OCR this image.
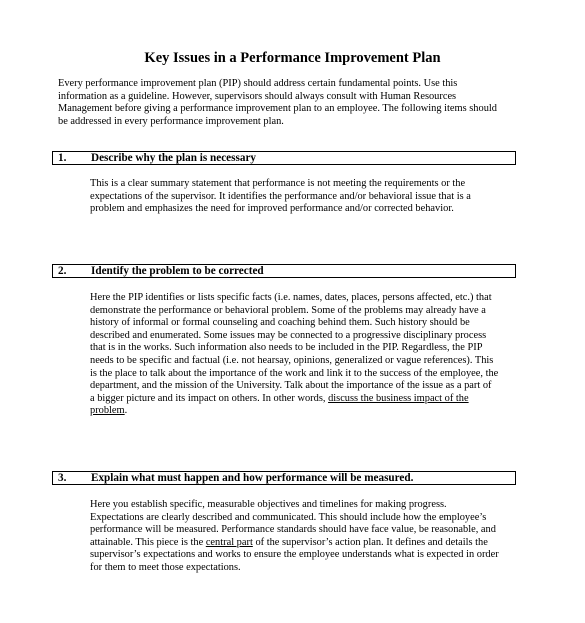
Key Issues in a Performance Improvement Plan
Every performance improvement plan (PIP) should address certain fundamental points. Use this
information as a guideline. However, supervisors should always consult with Human Resources
Management before giving a performance improvement plan to an employee. The following items should
be addressed in every performance improvement plan.
1. Describe why the plan is necessary
This is a clear summary statement that performance is not meeting the requirements or the
expectations of the supervisor. It identifies the performance and/or behavioral issue that is a
problem and emphasizes the need for improved performance and/or corrected behavior.
2. Identify the problem to be corrected
Here the PIP identifies or lists specific facts (i.e. names, dates, places, persons affected, etc.) that
demonstrate the performance or behavioral problem. Some of the problems may already have a
history of informal or formal counseling and coaching behind them. Such history should be
described and enumerated. Some issues may be connected to a progressive disciplinary process
that is in the works. Such information also needs to be included in the PIP. Regardless, the PIP
needs to be specific and factual (i.e. not hearsay, opinions, generalized or vague references). This
is the place to talk about the importance of the work and link it to the success of the employee, the
department, and the mission of the University. Talk about the importance of the issue as a part of
a bigger picture and its impact on others. In other words, discuss the business impact of the
problem.
3. Explain what must happen and how performance will be measured.
Here you establish specific, measurable objectives and timelines for making progress.
Expectations are clearly described and communicated. This should include how the employee’s
performance will be measured. Performance standards should have face value, be reasonable, and
attainable. This piece is the central part of the supervisor’s action plan. It defines and details the
supervisor’s expectations and works to ensure the employee understands what is expected in order
for them to meet those expectations.
